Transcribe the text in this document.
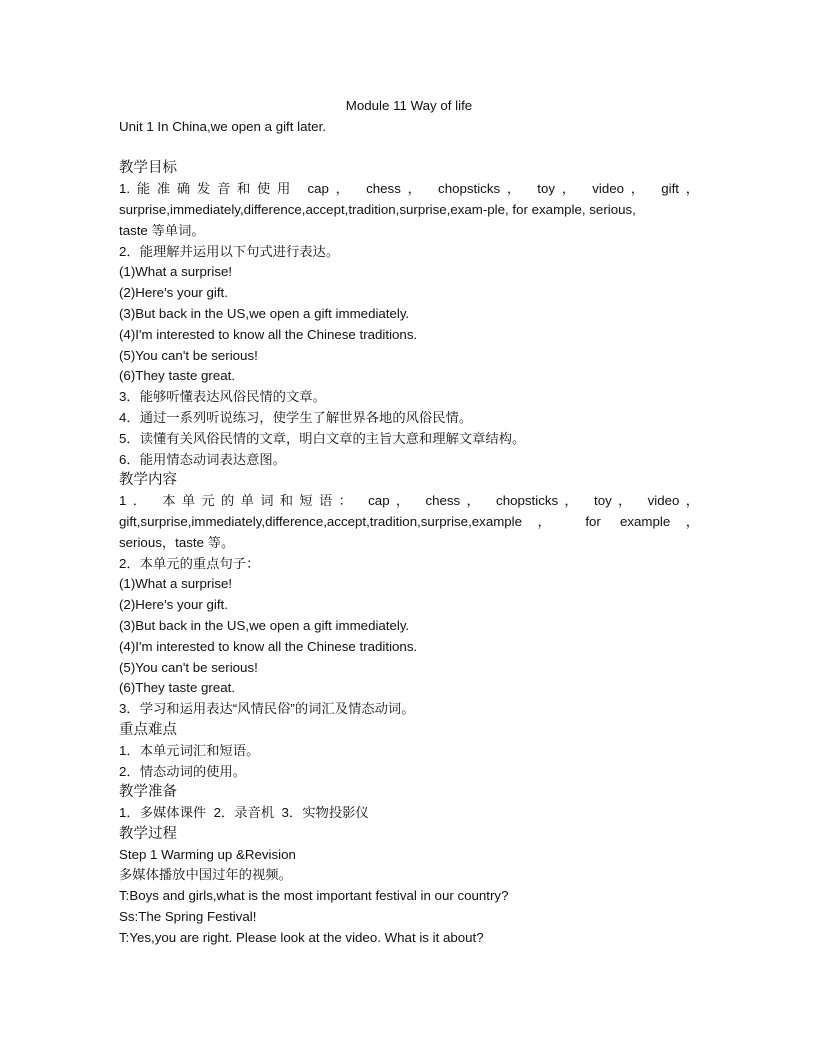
Module 11 Way of life
Unit 1 In China,we open a gift later.
教学目标
1.能准确发音和使用 cap， chess， chopsticks， toy， video， gift，
surprise,immediately,difference,accept,tradition,surprise,exam-ple, for example, serious,
taste 等单词。
2．能理解并运用以下句式进行表达。
(1)What a surprise!
(2)Here's your gift.
(3)But back in the US,we open a gift immediately.
(4)I'm interested to know all the Chinese traditions.
(5)You can't be serious!
(6)They taste great.
3．能够听懂表达风俗民情的文章。
4．通过一系列听说练习，使学生了解世界各地的风俗民情。
5．读懂有关风俗民情的文章，明白文章的主旨大意和理解文章结构。
6．能用情态动词表达意图。
教学内容
1． 本单元的单词和短语： cap， chess， chopsticks， toy， video，
gift,surprise,immediately,difference,accept,tradition,surprise,example， for example，
serious，taste 等。
2．本单元的重点句子：
(1)What a surprise!
(2)Here's your gift.
(3)But back in the US,we open a gift immediately.
(4)I'm interested to know all the Chinese traditions.
(5)You can't be serious!
(6)They taste great.
3．学习和运用表达“风情民俗”的词汇及情态动词。
重点难点
1．本单元词汇和短语。
2．情态动词的使用。
教学准备
1．多媒体课件  2．录音机  3．实物投影仪
教学过程
Step 1 Warming up &Revision
多媒体播放中国过年的视频。
T:Boys and girls,what is the most important festival in our country?
Ss:The Spring Festival!
T:Yes,you are right. Please look at the video. What is it about?
